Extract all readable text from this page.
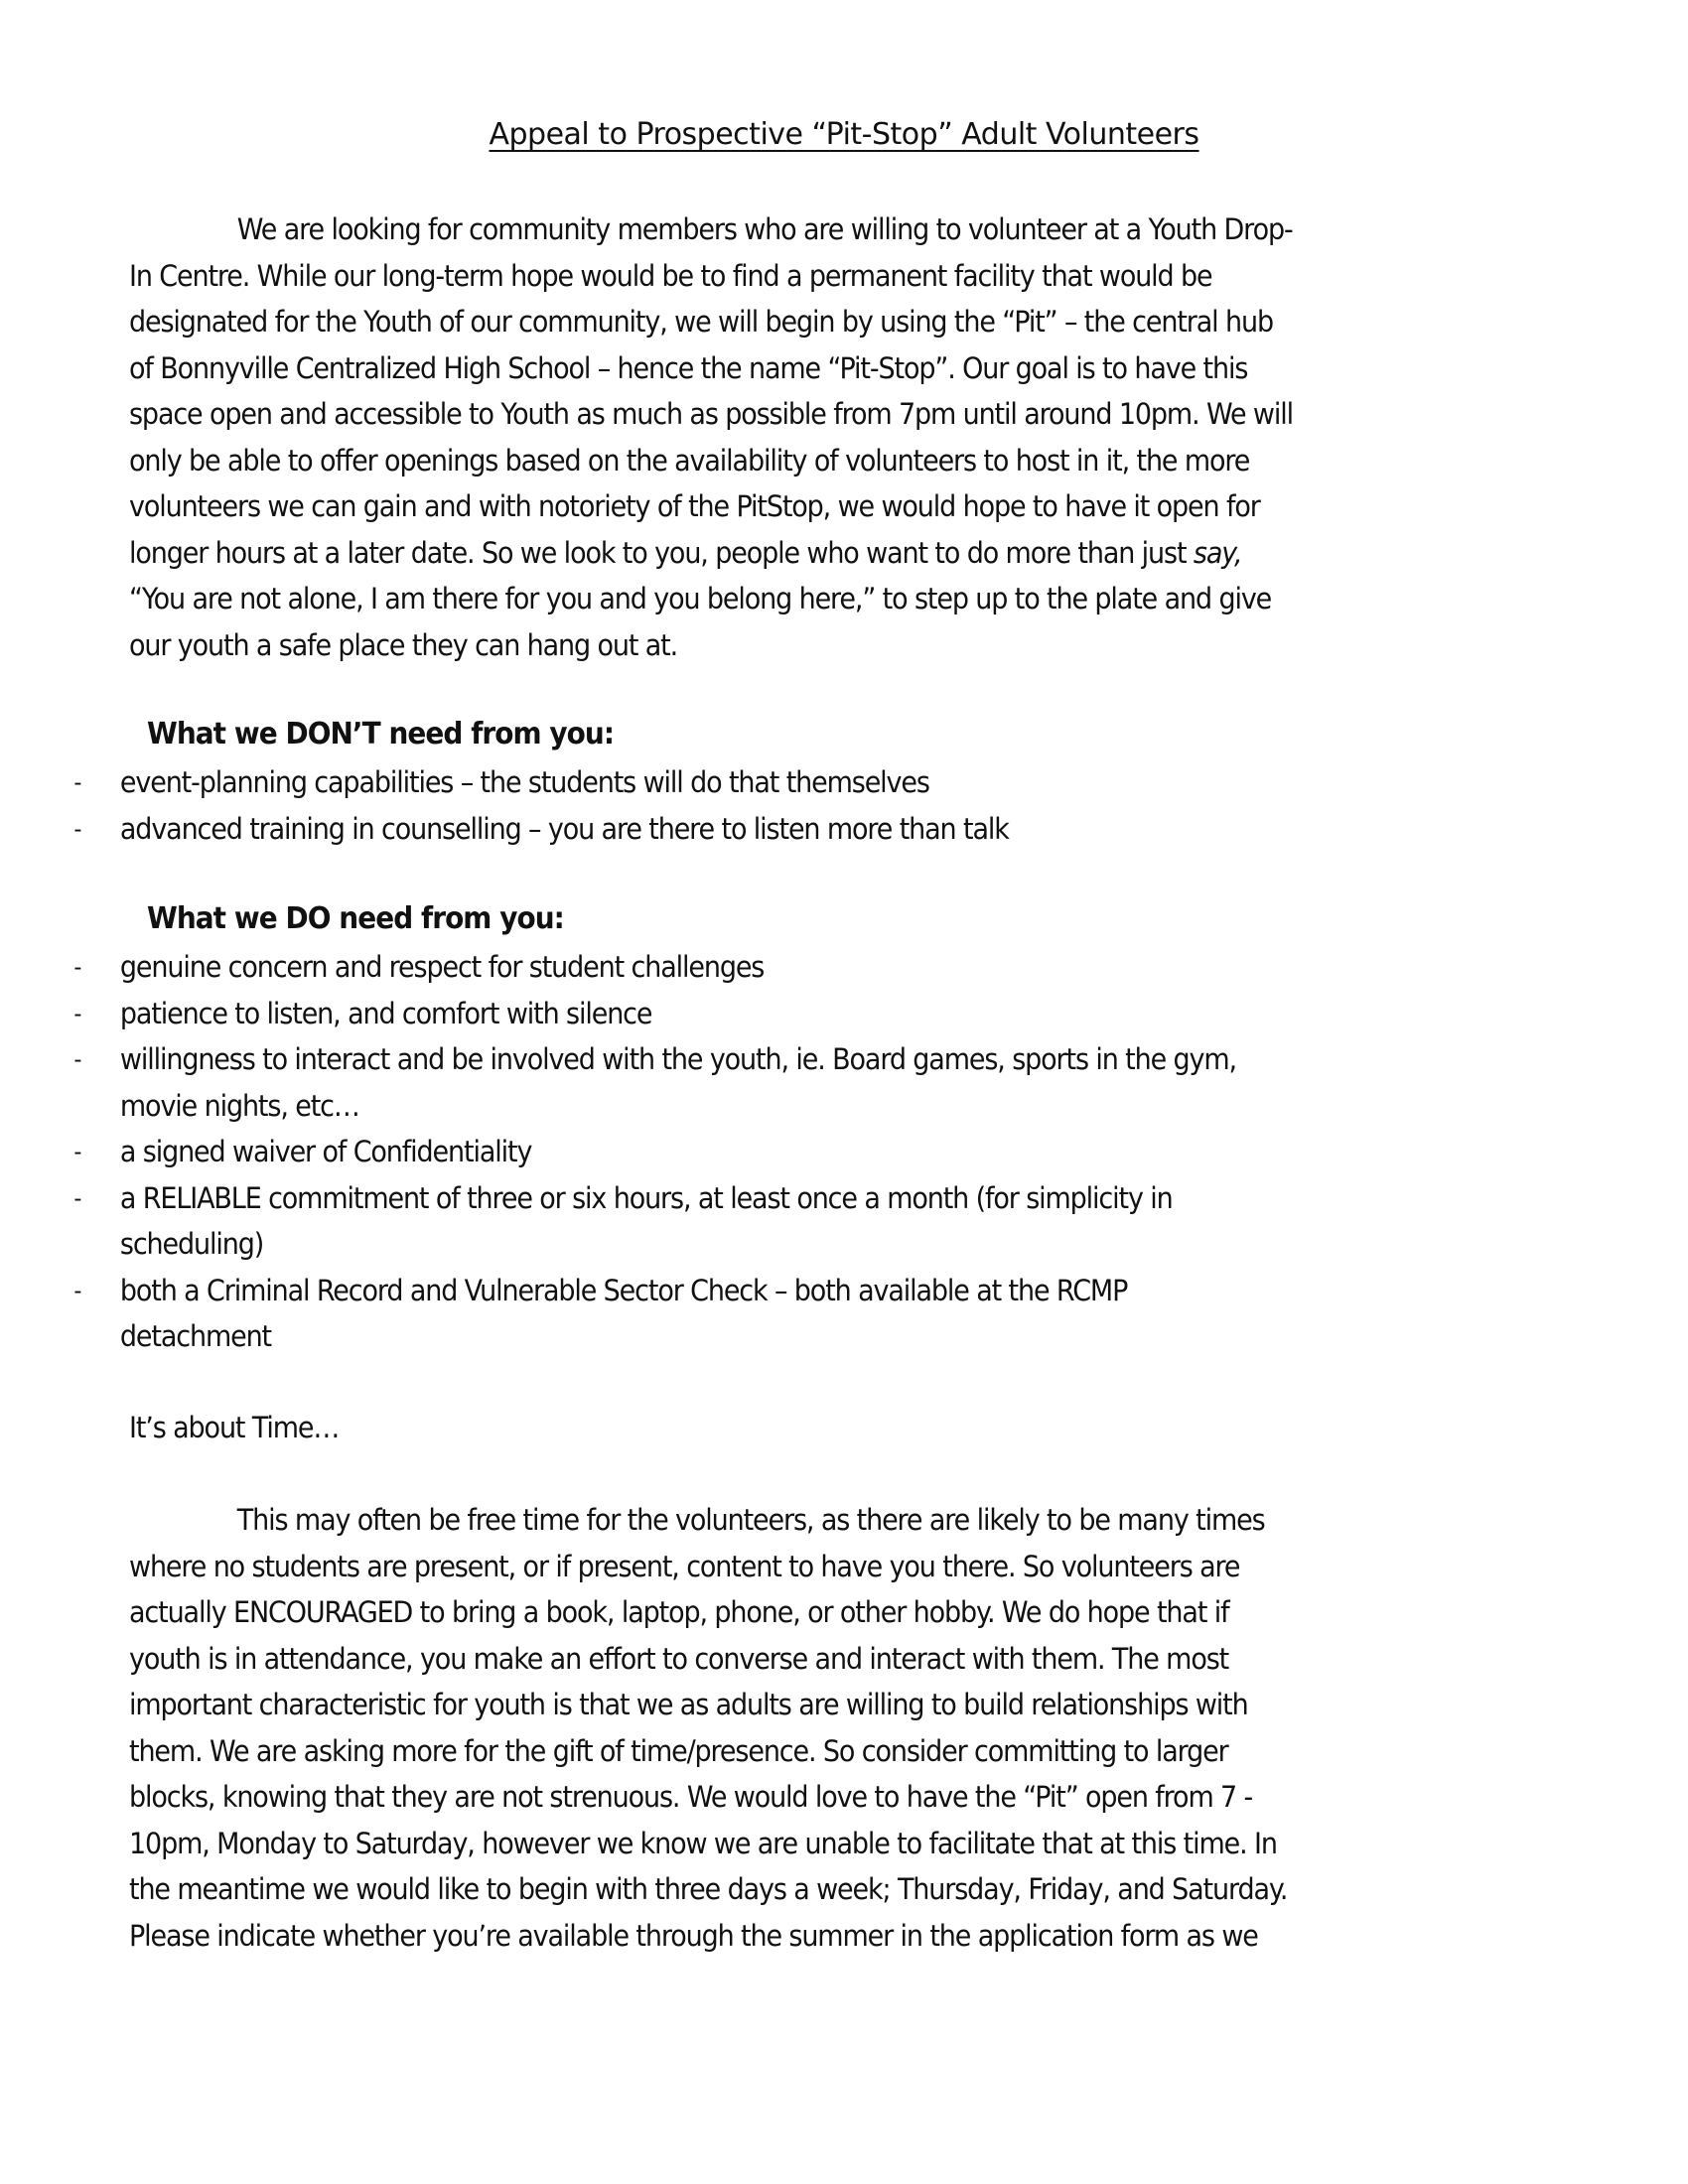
Appeal to Prospective “Pit-Stop” Adult Volunteers
We are looking for community members who are willing to volunteer at a Youth Drop-
In Centre. While our long-term hope would be to find a permanent facility that would be
designated for the Youth of our community, we will begin by using the “Pit” – the central hub
of Bonnyville Centralized High School – hence the name “Pit-Stop”. Our goal is to have this
space open and accessible to Youth as much as possible from 7pm until around 10pm. We will
only be able to offer openings based on the availability of volunteers to host in it, the more
volunteers we can gain and with notoriety of the PitStop, we would hope to have it open for
longer hours at a later date. So we look to you, people who want to do more than just say,
“You are not alone, I am there for you and you belong here,” to step up to the plate and give
our youth a safe place they can hang out at.
What we DON’T need from you:
- event-planning capabilities – the students will do that themselves
- advanced training in counselling – you are there to listen more than talk
What we DO need from you:
- genuine concern and respect for student challenges
- patience to listen, and comfort with silence
- willingness to interact and be involved with the youth, ie. Board games, sports in the gym,
movie nights, etc…
- a signed waiver of Confidentiality
- a RELIABLE commitment of three or six hours, at least once a month (for simplicity in
scheduling)
- both a Criminal Record and Vulnerable Sector Check – both available at the RCMP
detachment
It’s about Time…
This may often be free time for the volunteers, as there are likely to be many times
where no students are present, or if present, content to have you there. So volunteers are
actually ENCOURAGED to bring a book, laptop, phone, or other hobby. We do hope that if
youth is in attendance, you make an effort to converse and interact with them. The most
important characteristic for youth is that we as adults are willing to build relationships with
them. We are asking more for the gift of time/presence. So consider committing to larger
blocks, knowing that they are not strenuous. We would love to have the “Pit” open from 7 -
10pm, Monday to Saturday, however we know we are unable to facilitate that at this time. In
the meantime we would like to begin with three days a week; Thursday, Friday, and Saturday.
Please indicate whether you’re available through the summer in the application form as we
